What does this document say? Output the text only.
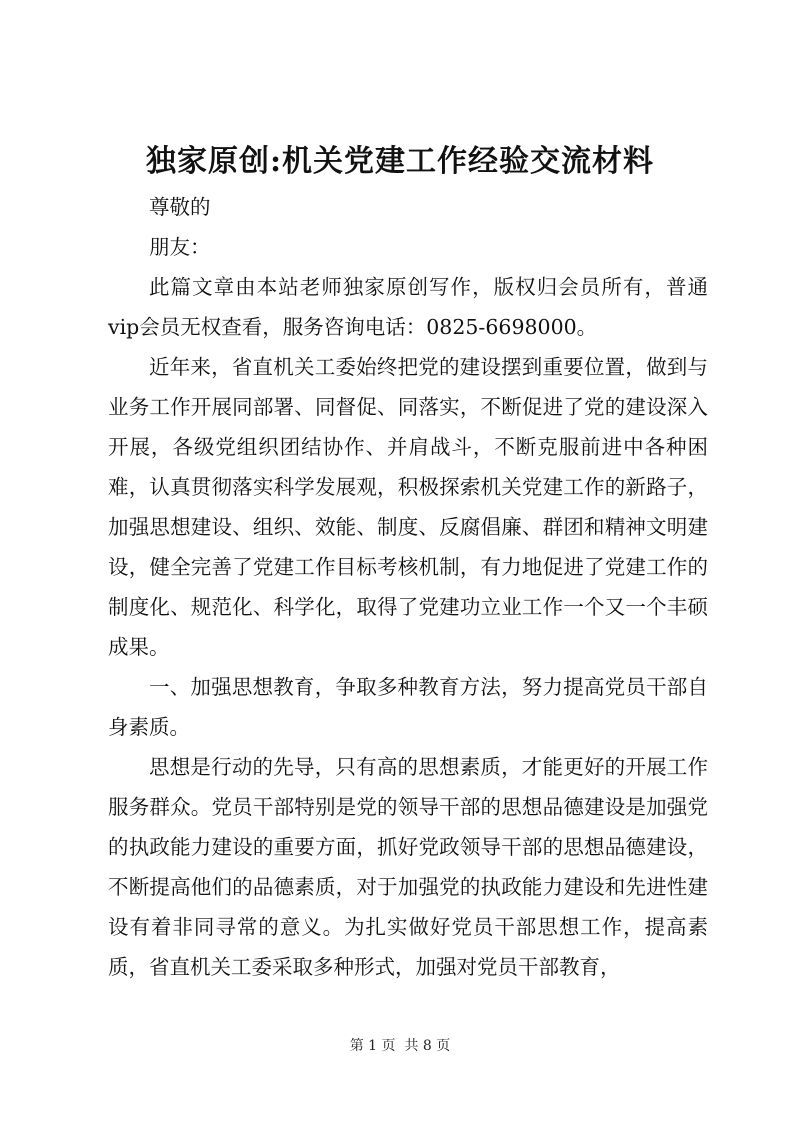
独家原创:机关党建工作经验交流材料

尊敬的

朋友：

此篇文章由本站老师独家原创写作，版权归会员所有，普通vip会员无权查看，服务咨询电话：0825-6698000。

近年来，省直机关工委始终把党的建设摆到重要位置，做到与业务工作开展同部署、同督促、同落实，不断促进了党的建设深入开展，各级党组织团结协作、并肩战斗，不断克服前进中各种困难，认真贯彻落实科学发展观，积极探索机关党建工作的新路子，加强思想建设、组织、效能、制度、反腐倡廉、群团和精神文明建设，健全完善了党建工作目标考核机制，有力地促进了党建工作的制度化、规范化、科学化，取得了党建功立业工作一个又一个丰硕成果。

一、加强思想教育，争取多种教育方法，努力提高党员干部自身素质。

思想是行动的先导，只有高的思想素质，才能更好的开展工作服务群众。党员干部特别是党的领导干部的思想品德建设是加强党的执政能力建设的重要方面，抓好党政领导干部的思想品德建设，不断提高他们的品德素质，对于加强党的执政能力建设和先进性建设有着非同寻常的意义。为扎实做好党员干部思想工作，提高素质，省直机关工委采取多种形式，加强对党员干部教育，

第 1 页  共 8 页
